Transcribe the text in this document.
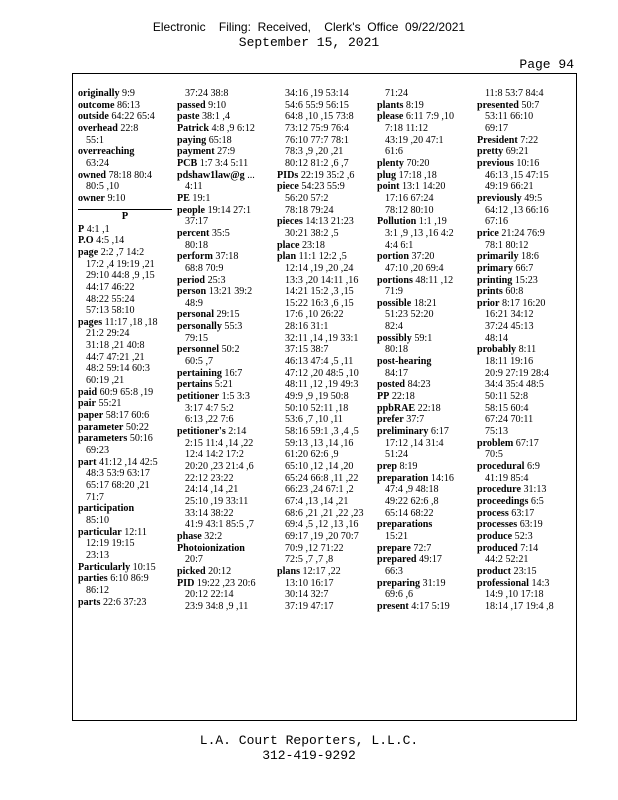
Electronic    Filing:  Received,    Clerk's  Office  09/22/2021
September 15, 2021
Page 94
originally 9:9
outcome 86:13
outside 64:22 65:4
overhead 22:8
55:1
overreaching
63:24
owned 78:18 80:4
80:5 ,10
owner 9:10
P
P 4:1 ,1
P.O 4:5 ,14
page 2:2 ,7 14:2
17:2 ,4 19:19 ,21
29:10 44:8 ,9 ,15
44:17 46:22
48:22 55:24
57:13 58:10
pages 11:17 ,18 ,18
21:2 29:24
31:18 ,21 40:8
44:7 47:21 ,21
48:2 59:14 60:3
60:19 ,21
paid 60:9 65:8 ,19
pair 55:21
paper 58:17 60:6
parameter 50:22
parameters 50:16
69:23
part 41:12 ,14 42:5
48:3 53:9 63:17
65:17 68:20 ,21
71:7
participation
85:10
particular 12:11
12:19 19:15
23:13
Particularly 10:15
parties 6:10 86:9
86:12
parts 22:6 37:23
37:24 38:8
passed 9:10
paste 38:1 ,4
Patrick 4:8 ,9 6:12
paying 65:18
payment 27:9
PCB 1:7 3:4 5:11
pdshaw1law@g ...
4:11
PE 19:1
people 19:14 27:1
37:17
percent 35:5
80:18
perform 37:18
68:8 70:9
period 25:3
person 13:21 39:2
48:9
personal 29:15
personally 55:3
79:15
personnel 50:2
60:5 ,7
pertaining 16:7
pertains 5:21
petitioner 1:5 3:3
3:17 4:7 5:2
6:13 ,22 7:6
petitioner's 2:14
2:15 11:4 ,14 ,22
12:4 14:2 17:2
20:20 ,23 21:4 ,6
22:12 23:22
24:14 ,14 ,21
25:10 ,19 33:11
33:14 38:22
41:9 43:1 85:5 ,7
phase 32:2
Photoionization
20:7
picked 20:12
PID 19:22 ,23 20:6
20:12 22:14
23:9 34:8 ,9 ,11
34:16 ,19 53:14
54:6 55:9 56:15
64:8 ,10 ,15 73:8
73:12 75:9 76:4
76:10 77:7 78:1
78:3 ,9 ,20 ,21
80:12 81:2 ,6 ,7
PIDs 22:19 35:2 ,6
piece 54:23 55:9
56:20 57:2
78:18 79:24
pieces 14:13 21:23
30:21 38:2 ,5
place 23:18
plan 11:1 12:2 ,5
12:14 ,19 ,20 ,24
13:3 ,20 14:11 ,16
14:21 15:2 ,3 ,15
15:22 16:3 ,6 ,15
17:6 ,10 26:22
28:16 31:1
32:11 ,14 ,19 33:1
37:15 38:7
46:13 47:4 ,5 ,11
47:12 ,20 48:5 ,10
48:11 ,12 ,19 49:3
49:9 ,9 ,19 50:8
50:10 52:11 ,18
53:6 ,7 ,10 ,11
58:16 59:1 ,3 ,4 ,5
59:13 ,13 ,14 ,16
61:20 62:6 ,9
65:10 ,12 ,14 ,20
65:24 66:8 ,11 ,22
66:23 ,24 67:1 ,2
67:4 ,13 ,14 ,21
68:6 ,21 ,21 ,22 ,23
69:4 ,5 ,12 ,13 ,16
69:17 ,19 ,20 70:7
70:9 ,12 71:22
72:5 ,7 ,7 ,8
plans 12:17 ,22
13:10 16:17
30:14 32:7
37:19 47:17
71:24
plants 8:19
please 6:11 7:9 ,10
7:18 11:12
43:19 ,20 47:1
61:6
plenty 70:20
plug 17:18 ,18
point 13:1 14:20
17:16 67:24
78:12 80:10
Pollution 1:1 ,19
3:1 ,9 ,13 ,16 4:2
4:4 6:1
portion 37:20
47:10 ,20 69:4
portions 48:11 ,12
71:9
possible 18:21
51:23 52:20
82:4
possibly 59:1
80:18
post-hearing
84:17
posted 84:23
PP 22:18
ppbRAE 22:18
prefer 37:7
preliminary 6:17
17:12 ,14 31:4
51:24
prep 8:19
preparation 14:16
47:4 ,9 48:18
49:22 62:6 ,8
65:14 68:22
preparations
15:21
prepare 72:7
prepared 49:17
66:3
preparing 31:19
69:6 ,6
present 4:17 5:19
11:8 53:7 84:4
presented 50:7
53:11 66:10
69:17
President 7:22
pretty 69:21
previous 10:16
46:13 ,15 47:15
49:19 66:21
previously 49:5
64:12 ,13 66:16
67:16
price 21:24 76:9
78:1 80:12
primarily 18:6
primary 66:7
printing 15:23
prints 60:8
prior 8:17 16:20
16:21 34:12
37:24 45:13
48:14
probably 8:11
18:11 19:16
20:9 27:19 28:4
34:4 35:4 48:5
50:11 52:8
58:15 60:4
67:24 70:11
75:13
problem 67:17
70:5
procedural 6:9
41:19 85:4
procedure 31:13
proceedings 6:5
process 63:17
processes 63:19
produce 52:3
produced 7:14
44:2 52:21
product 23:15
professional 14:3
14:9 ,10 17:18
18:14 ,17 19:4 ,8
L.A. Court Reporters, L.L.C.
312-419-9292
